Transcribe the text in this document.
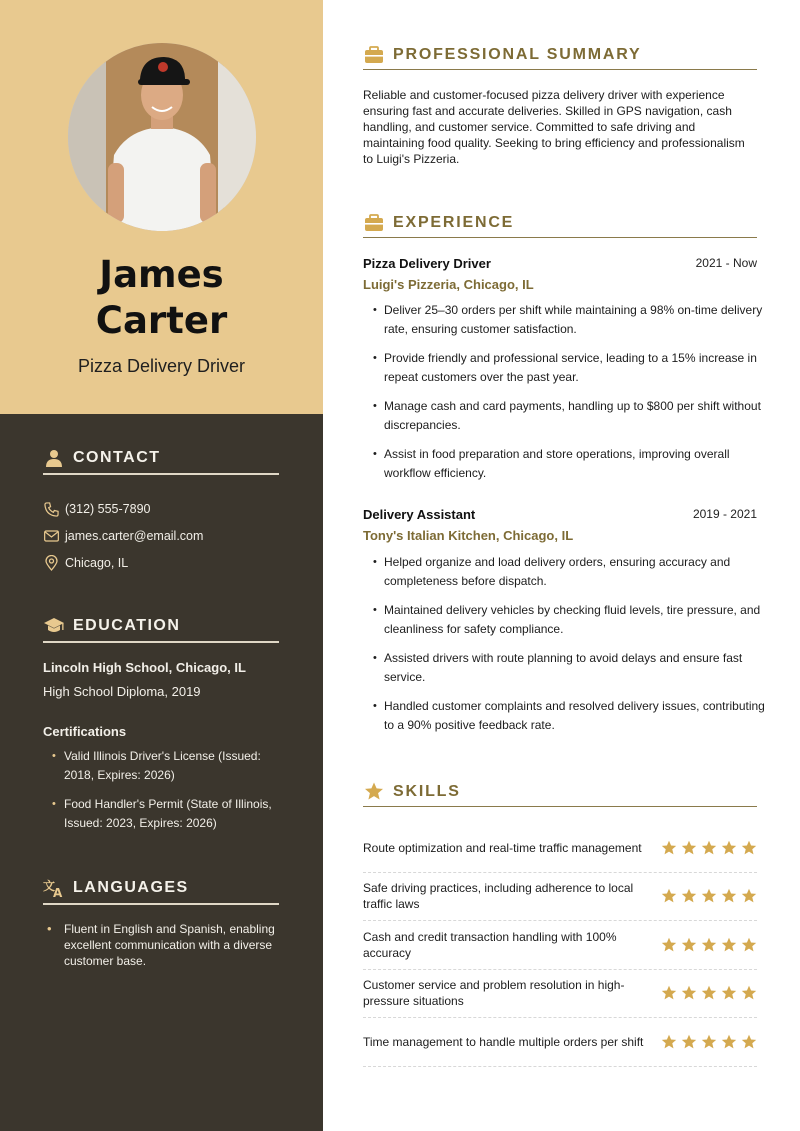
James
Carter
Pizza Delivery Driver
CONTACT
(312) 555-7890
james.carter@email.com
Chicago, IL
EDUCATION
Lincoln High School, Chicago, IL
High School Diploma, 2019
Certifications
• Valid Illinois Driver's License (Issued: 2018, Expires: 2026)
• Food Handler's Permit (State of Illinois, Issued: 2023, Expires: 2026)
文
A LANGUAGES
• Fluent in English and Spanish, enabling excellent communication with a diverse customer base.
PROFESSIONAL SUMMARY
Reliable and customer-focused pizza delivery driver with experience ensuring fast and accurate deliveries. Skilled in GPS navigation, cash handling, and customer service. Committed to safe driving and maintaining food quality. Seeking to bring efficiency and professionalism to Luigi's Pizzeria.
EXPERIENCE
Pizza Delivery Driver	2021 - Now
Luigi's Pizzeria, Chicago, IL
• Deliver 25–30 orders per shift while maintaining a 98% on-time delivery rate, ensuring customer satisfaction.
• Provide friendly and professional service, leading to a 15% increase in repeat customers over the past year.
• Manage cash and card payments, handling up to $800 per shift without discrepancies.
• Assist in food preparation and store operations, improving overall workflow efficiency.
Delivery Assistant	2019 - 2021
Tony's Italian Kitchen, Chicago, IL
• Helped organize and load delivery orders, ensuring accuracy and completeness before dispatch.
• Maintained delivery vehicles by checking fluid levels, tire pressure, and cleanliness for safety compliance.
• Assisted drivers with route planning to avoid delays and ensure fast service.
• Handled customer complaints and resolved delivery issues, contributing to a 90% positive feedback rate.
SKILLS
Route optimization and real-time traffic management
Safe driving practices, including adherence to local traffic laws
Cash and credit transaction handling with 100% accuracy
Customer service and problem resolution in high-pressure situations
Time management to handle multiple orders per shift
